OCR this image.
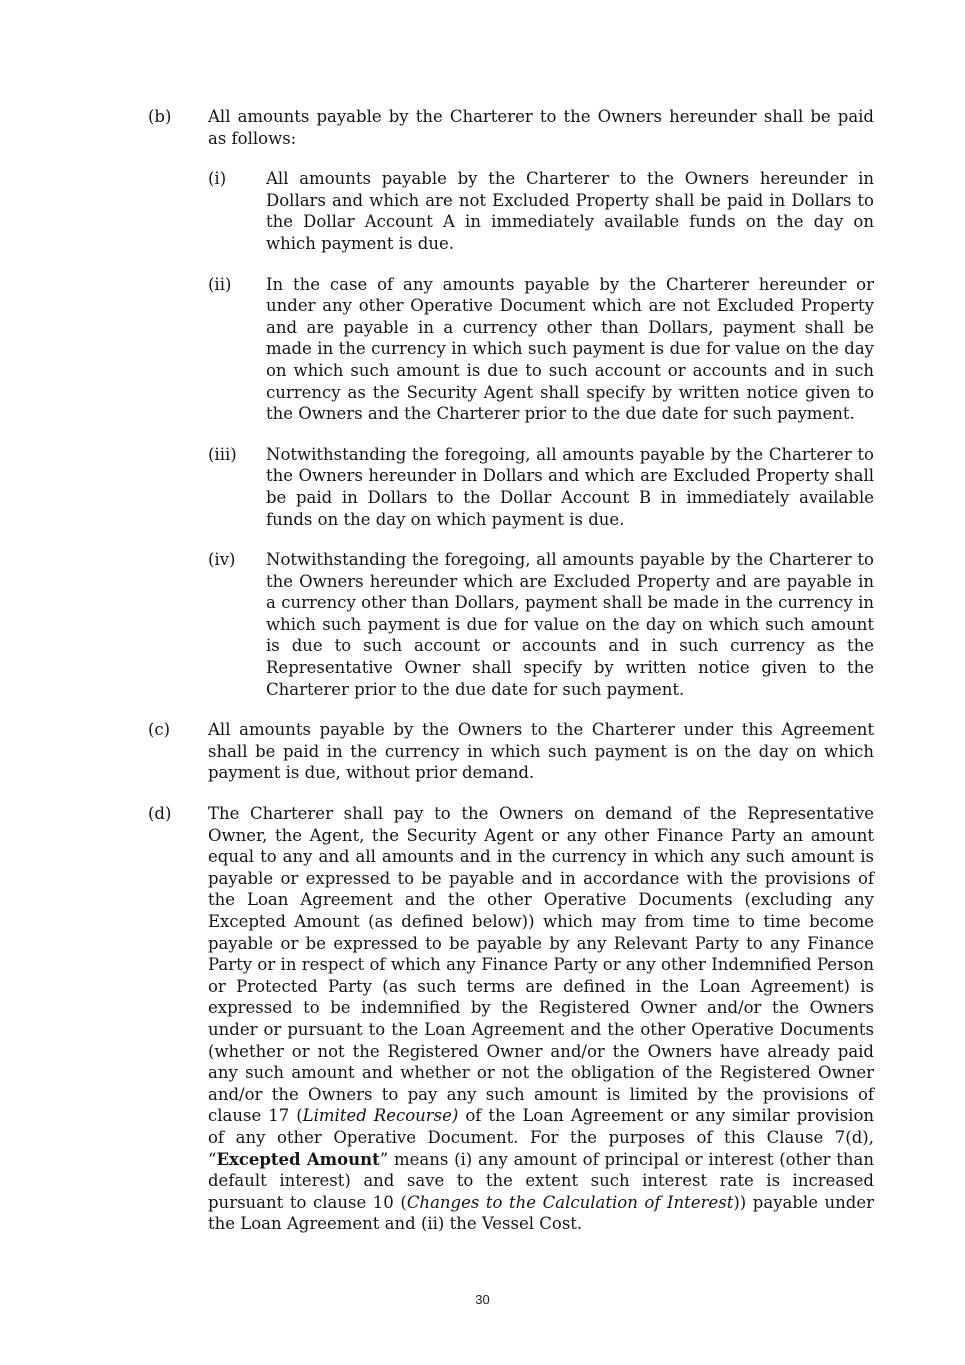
(b)	All amounts payable by the Charterer to the Owners hereunder shall be paid as follows:
(i)	All amounts payable by the Charterer to the Owners hereunder in Dollars and which are not Excluded Property shall be paid in Dollars to the Dollar Account A in immediately available funds on the day on which payment is due.
(ii)	In the case of any amounts payable by the Charterer hereunder or under any other Operative Document which are not Excluded Property and are payable in a currency other than Dollars, payment shall be made in the currency in which such payment is due for value on the day on which such amount is due to such account or accounts and in such currency as the Security Agent shall specify by written notice given to the Owners and the Charterer prior to the due date for such payment.
(iii)	Notwithstanding the foregoing, all amounts payable by the Charterer to the Owners hereunder in Dollars and which are Excluded Property shall be paid in Dollars to the Dollar Account B in immediately available funds on the day on which payment is due.
(iv)	Notwithstanding the foregoing, all amounts payable by the Charterer to the Owners hereunder which are Excluded Property and are payable in a currency other than Dollars, payment shall be made in the currency in which such payment is due for value on the day on which such amount is due to such account or accounts and in such currency as the Representative Owner shall specify by written notice given to the Charterer prior to the due date for such payment.
(c)	All amounts payable by the Owners to the Charterer under this Agreement shall be paid in the currency in which such payment is on the day on which payment is due, without prior demand.
(d)	The Charterer shall pay to the Owners on demand of the Representative Owner, the Agent, the Security Agent or any other Finance Party an amount equal to any and all amounts and in the currency in which any such amount is payable or expressed to be payable and in accordance with the provisions of the Loan Agreement and the other Operative Documents (excluding any Excepted Amount (as defined below)) which may from time to time become payable or be expressed to be payable by any Relevant Party to any Finance Party or in respect of which any Finance Party or any other Indemnified Person or Protected Party (as such terms are defined in the Loan Agreement) is expressed to be indemnified by the Registered Owner and/or the Owners under or pursuant to the Loan Agreement and the other Operative Documents (whether or not the Registered Owner and/or the Owners have already paid any such amount and whether or not the obligation of the Registered Owner and/or the Owners to pay any such amount is limited by the provisions of clause 17 (Limited Recourse) of the Loan Agreement or any similar provision of any other Operative Document. For the purposes of this Clause 7(d), “Excepted Amount” means (i) any amount of principal or interest (other than default interest) and save to the extent such interest rate is increased pursuant to clause 10 (Changes to the Calculation of Interest)) payable under the Loan Agreement and (ii) the Vessel Cost.
30
